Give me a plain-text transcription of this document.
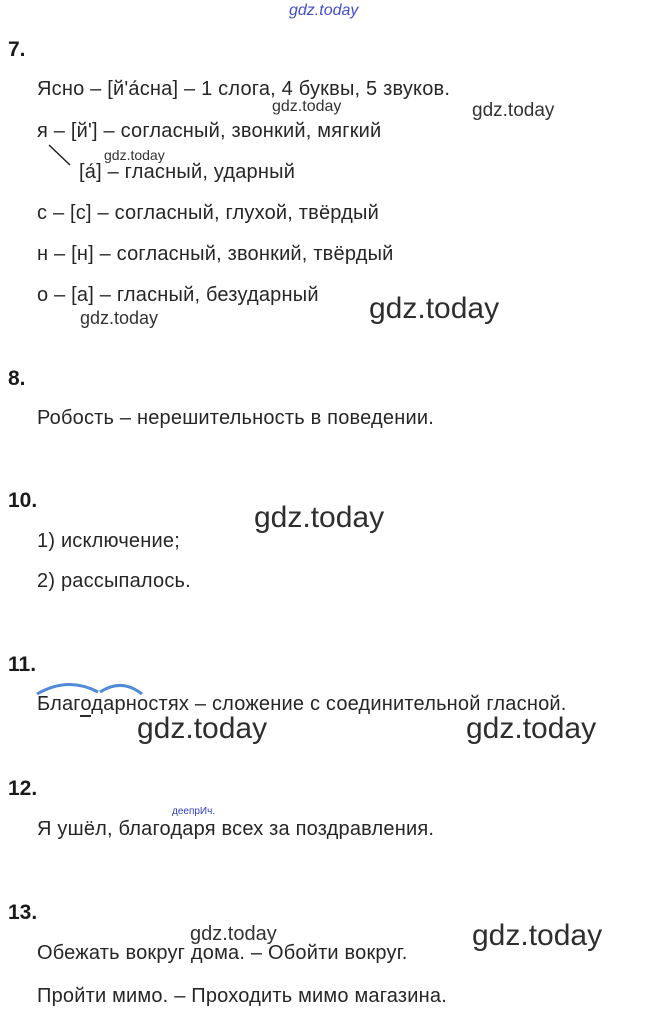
gdz.today
7.
Ясно – [й'а́сна] – 1 слога, 4 буквы, 5 звуков.
gdz.today	gdz.today
я – [й'] – согласный, звонкий, мягкий
gdz.today
[а́] – гласный, ударный
с – [с] – согласный, глухой, твёрдый
н – [н] – согласный, звонкий, твёрдый
о – [а] – гласный, безударный gdz.today
gdz.today
8.
Робость – нерешительность в поведении.
10.
gdz.today
1) исключение;
2) рассыпалось.
11.
Благодарностях – сложение с соединительной гласной.
gdz.today	gdz.today
12.
деепрИч.
Я ушёл, благодаря всех за поздравления.
13.
gdz.today	gdz.today
Обежать вокруг дома. – Обойти вокруг.
Пройти мимо. – Проходить мимо магазина.
